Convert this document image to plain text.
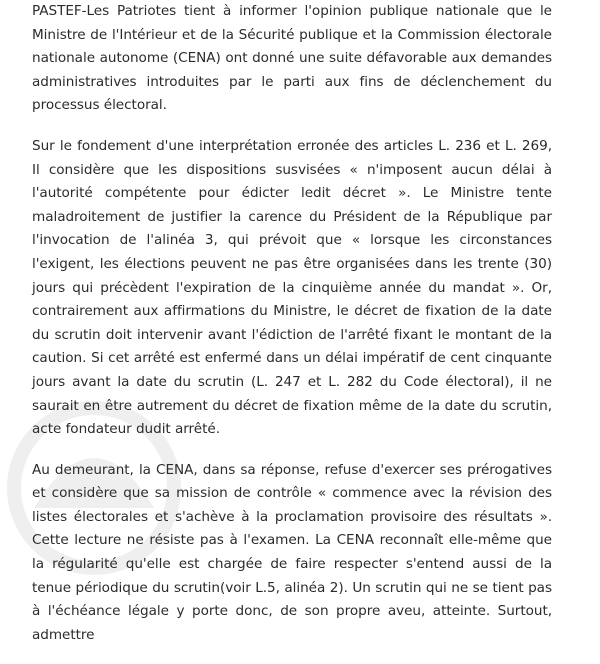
PASTEF-Les Patriotes tient à informer l'opinion publique nationale que le Ministre de l'Intérieur et de la Sécurité publique et la Commission électorale nationale autonome (CENA) ont donné une suite défavorable aux demandes administratives introduites par le parti aux fins de déclenchement du processus électoral.

Sur le fondement d'une interprétation erronée des articles L. 236 et L. 269, Il considère que les dispositions susvisées « n'imposent aucun délai à l'autorité compétente pour édicter ledit décret ». Le Ministre tente maladroitement de justifier la carence du Président de la République par l'invocation de l'alinéa 3, qui prévoit que « lorsque les circonstances l'exigent, les élections peuvent ne pas être organisées dans les trente (30) jours qui précèdent l'expiration de la cinquième année du mandat ». Or, contrairement aux affirmations du Ministre, le décret de fixation de la date du scrutin doit intervenir avant l'édiction de l'arrêté fixant le montant de la caution. Si cet arrêté est enfermé dans un délai impératif de cent cinquante jours avant la date du scrutin (L. 247 et L. 282 du Code électoral), il ne saurait en être autrement du décret de fixation même de la date du scrutin, acte fondateur dudit arrêté.

Au demeurant, la CENA, dans sa réponse, refuse d'exercer ses prérogatives et considère que sa mission de contrôle « commence avec la révision des listes électorales et s'achève à la proclamation provisoire des résultats ». Cette lecture ne résiste pas à l'examen. La CENA reconnaît elle-même que la régularité qu'elle est chargée de faire respecter s'entend aussi de la tenue périodique du scrutin(voir L.5, alinéa 2). Un scrutin qui ne se tient pas à l'échéance légale y porte donc, de son propre aveu, atteinte. Surtout, admettre
